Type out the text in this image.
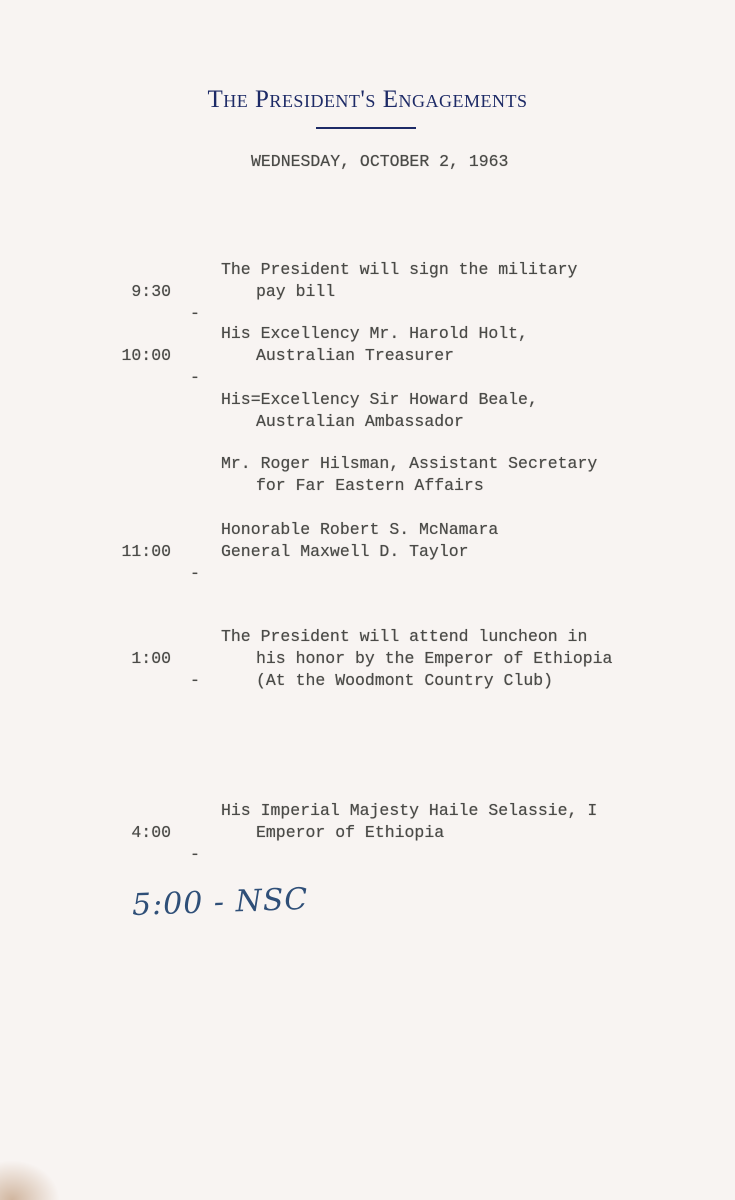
The President's Engagements
WEDNESDAY, OCTOBER 2, 1963

9:30

-

The President will sign the military

pay bill

10:00

-

His Excellency Mr. Harold Holt,

Australian Treasurer

His=Excellency Sir Howard Beale,

Australian Ambassador

Mr. Roger Hilsman, Assistant Secretary

for Far Eastern Affairs

11:00

-

Honorable Robert S. McNamara

General Maxwell D. Taylor

1:00

-

The President will attend luncheon in

his honor by the Emperor of Ethiopia

(At the Woodmont Country Club)

4:00

-

His Imperial Majesty Haile Selassie, I

Emperor of Ethiopia

5:00 - NSC
